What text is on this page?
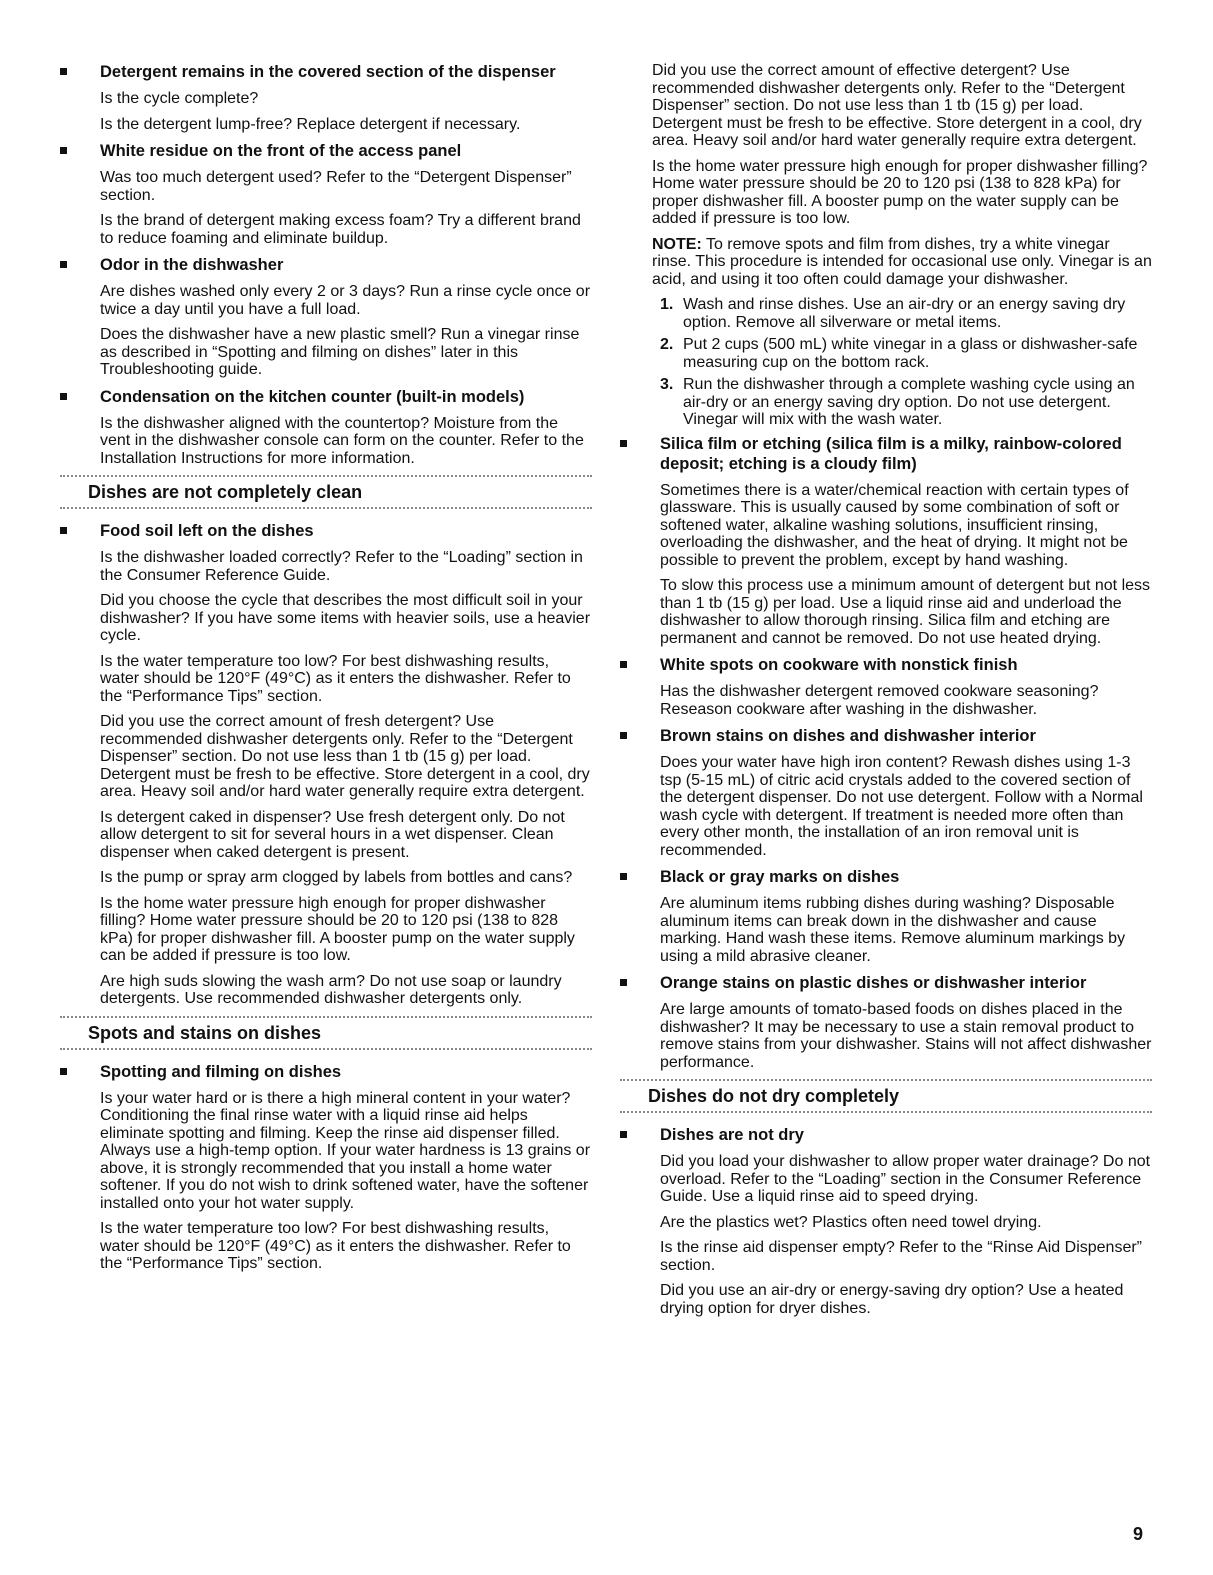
Detergent remains in the covered section of the dispenser

Is the cycle complete?

Is the detergent lump-free? Replace detergent if necessary.

White residue on the front of the access panel

Was too much detergent used? Refer to the “Detergent Dispenser” section.

Is the brand of detergent making excess foam? Try a different brand to reduce foaming and eliminate buildup.

Odor in the dishwasher

Are dishes washed only every 2 or 3 days? Run a rinse cycle once or twice a day until you have a full load.

Does the dishwasher have a new plastic smell? Run a vinegar rinse as described in “Spotting and filming on dishes” later in this Troubleshooting guide.

Condensation on the kitchen counter (built-in models)

Is the dishwasher aligned with the countertop? Moisture from the vent in the dishwasher console can form on the counter. Refer to the Installation Instructions for more information.

Dishes are not completely clean
Food soil left on the dishes

Is the dishwasher loaded correctly? Refer to the “Loading” section in the Consumer Reference Guide.

Did you choose the cycle that describes the most difficult soil in your dishwasher? If you have some items with heavier soils, use a heavier cycle.

Is the water temperature too low? For best dishwashing results, water should be 120°F (49°C) as it enters the dishwasher. Refer to the “Performance Tips” section.

Did you use the correct amount of fresh detergent? Use recommended dishwasher detergents only. Refer to the “Detergent Dispenser” section. Do not use less than 1 tb (15 g) per load. Detergent must be fresh to be effective. Store detergent in a cool, dry area. Heavy soil and/or hard water generally require extra detergent.

Is detergent caked in dispenser? Use fresh detergent only. Do not allow detergent to sit for several hours in a wet dispenser. Clean dispenser when caked detergent is present.

Is the pump or spray arm clogged by labels from bottles and cans?

Is the home water pressure high enough for proper dishwasher filling? Home water pressure should be 20 to 120 psi (138 to 828 kPa) for proper dishwasher fill. A booster pump on the water supply can be added if pressure is too low.

Are high suds slowing the wash arm? Do not use soap or laundry detergents. Use recommended dishwasher detergents only.

Spots and stains on dishes
Spotting and filming on dishes

Is your water hard or is there a high mineral content in your water? Conditioning the final rinse water with a liquid rinse aid helps eliminate spotting and filming. Keep the rinse aid dispenser filled. Always use a high-temp option. If your water hardness is 13 grains or above, it is strongly recommended that you install a home water softener. If you do not wish to drink softened water, have the softener installed onto your hot water supply.

Is the water temperature too low? For best dishwashing results, water should be 120°F (49°C) as it enters the dishwasher. Refer to the “Performance Tips” section.

Did you use the correct amount of effective detergent? Use recommended dishwasher detergents only. Refer to the “Detergent Dispenser” section. Do not use less than 1 tb (15 g) per load. Detergent must be fresh to be effective. Store detergent in a cool, dry area. Heavy soil and/or hard water generally require extra detergent.

Is the home water pressure high enough for proper dishwasher filling? Home water pressure should be 20 to 120 psi (138 to 828 kPa) for proper dishwasher fill. A booster pump on the water supply can be added if pressure is too low.

NOTE: To remove spots and film from dishes, try a white vinegar rinse. This procedure is intended for occasional use only. Vinegar is an acid, and using it too often could damage your dishwasher.

1. Wash and rinse dishes. Use an air-dry or an energy saving dry option. Remove all silverware or metal items.
2. Put 2 cups (500 mL) white vinegar in a glass or dishwasher-safe measuring cup on the bottom rack.
3. Run the dishwasher through a complete washing cycle using an air-dry or an energy saving dry option. Do not use detergent. Vinegar will mix with the wash water.
Silica film or etching (silica film is a milky, rainbow-colored deposit; etching is a cloudy film)

Sometimes there is a water/chemical reaction with certain types of glassware. This is usually caused by some combination of soft or softened water, alkaline washing solutions, insufficient rinsing, overloading the dishwasher, and the heat of drying. It might not be possible to prevent the problem, except by hand washing.

To slow this process use a minimum amount of detergent but not less than 1 tb (15 g) per load. Use a liquid rinse aid and underload the dishwasher to allow thorough rinsing. Silica film and etching are permanent and cannot be removed. Do not use heated drying.

White spots on cookware with nonstick finish

Has the dishwasher detergent removed cookware seasoning? Reseason cookware after washing in the dishwasher.

Brown stains on dishes and dishwasher interior

Does your water have high iron content? Rewash dishes using 1-3 tsp (5-15 mL) of citric acid crystals added to the covered section of the detergent dispenser. Do not use detergent. Follow with a Normal wash cycle with detergent. If treatment is needed more often than every other month, the installation of an iron removal unit is recommended.

Black or gray marks on dishes

Are aluminum items rubbing dishes during washing? Disposable aluminum items can break down in the dishwasher and cause marking. Hand wash these items. Remove aluminum markings by using a mild abrasive cleaner.

Orange stains on plastic dishes or dishwasher interior

Are large amounts of tomato-based foods on dishes placed in the dishwasher? It may be necessary to use a stain removal product to remove stains from your dishwasher. Stains will not affect dishwasher performance.

Dishes do not dry completely
Dishes are not dry

Did you load your dishwasher to allow proper water drainage? Do not overload. Refer to the “Loading” section in the Consumer Reference Guide. Use a liquid rinse aid to speed drying.

Are the plastics wet? Plastics often need towel drying.

Is the rinse aid dispenser empty? Refer to the “Rinse Aid Dispenser” section.

Did you use an air-dry or energy-saving dry option? Use a heated drying option for dryer dishes.

9
